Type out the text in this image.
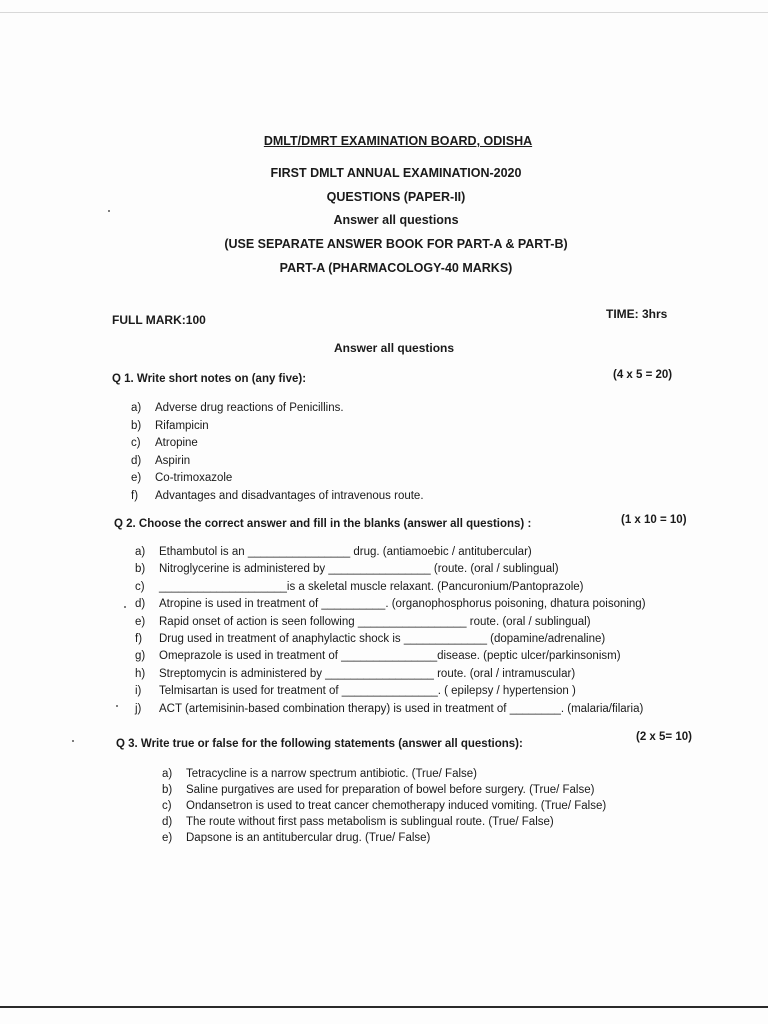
DMLT/DMRT EXAMINATION BOARD, ODISHA
FIRST DMLT ANNUAL EXAMINATION-2020
QUESTIONS (PAPER-II)
Answer all questions
(USE SEPARATE ANSWER BOOK FOR PART-A & PART-B)
PART-A (PHARMACOLOGY-40 MARKS)
FULL MARK:100	TIME: 3hrs
Answer all questions
Q 1. Write short notes on (any five):	(4 x 5 = 20)
a) Adverse drug reactions of Penicillins.
b) Rifampicin
c) Atropine
d) Aspirin
e) Co-trimoxazole
f) Advantages and disadvantages of intravenous route.
Q 2. Choose the correct answer and fill in the blanks (answer all questions) :	(1 x 10 = 10)
a) Ethambutol is an ________________ drug. (antiamoebic / antitubercular)
b) Nitroglycerine is administered by ________________ (route. (oral / sublingual)
c) ____________________is a skeletal muscle relaxant. (Pancuronium/Pantoprazole)
d) Atropine is used in treatment of __________. (organophosphorus poisoning, dhatura poisoning)
e) Rapid onset of action is seen following _________________ route. (oral / sublingual)
f) Drug used in treatment of anaphylactic shock is _____________ (dopamine/adrenaline)
g) Omeprazole is used in treatment of _______________disease. (peptic ulcer/parkinsonism)
h) Streptomycin is administered by _________________ route. (oral / intramuscular)
i) Telmisartan is used for treatment of _______________. ( epilepsy / hypertension )
j) ACT (artemisinin-based combination therapy) is used in treatment of ________. (malaria/filaria)
Q 3. Write true or false for the following statements (answer all questions):
(2 x 5= 10)
a) Tetracycline is a narrow spectrum antibiotic. (True/ False)
b) Saline purgatives are used for preparation of bowel before surgery. (True/ False)
c) Ondansetron is used to treat cancer chemotherapy induced vomiting. (True/ False)
d) The route without first pass metabolism is sublingual route. (True/ False)
e) Dapsone is an antitubercular drug. (True/ False)
